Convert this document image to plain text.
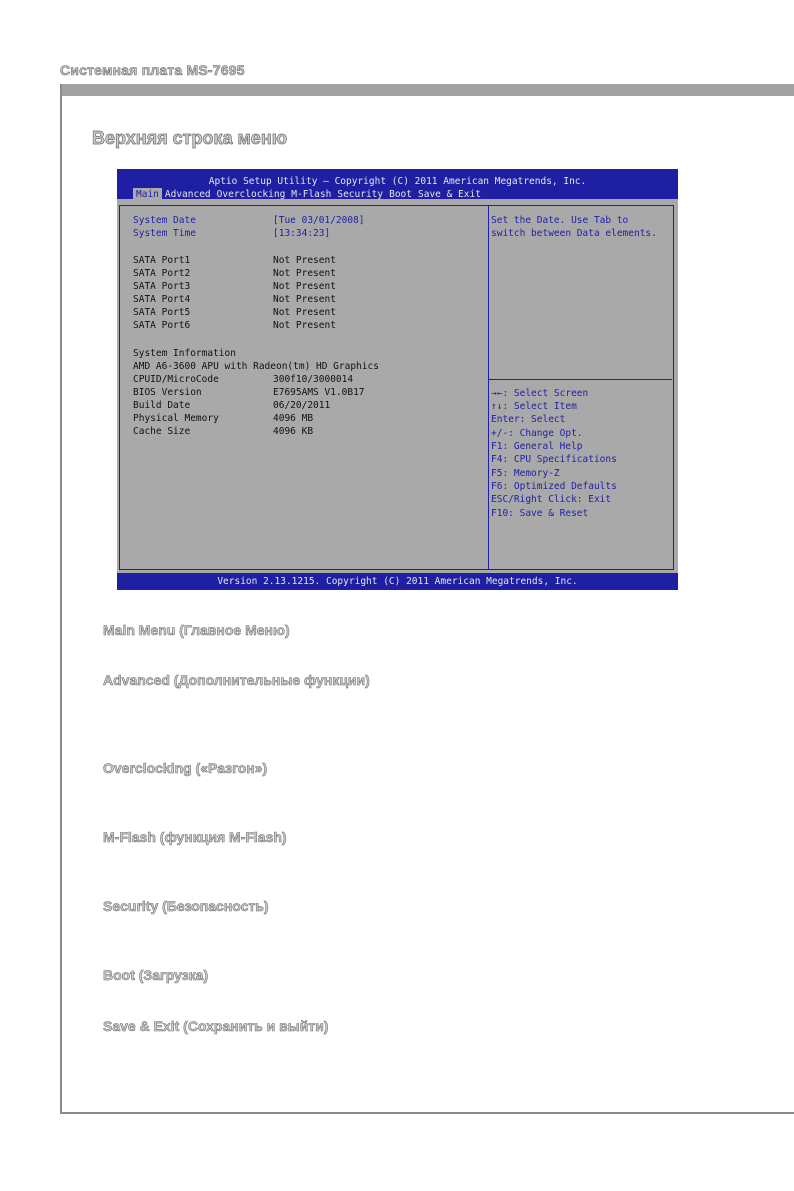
Системная плата MS-7695
Верхняя строка меню
Aptio Setup Utility – Copyright (C) 2011 American Megatrends, Inc.
Main Advanced Overclocking M-Flash Security Boot Save & Exit
System Date	[Tue 03/01/2008]
System Time	[13:34:23]
SATA Port1	Not Present
SATA Port2	Not Present
SATA Port3	Not Present
SATA Port4	Not Present
SATA Port5	Not Present
SATA Port6	Not Present
System Information
AMD A6-3600 APU with Radeon(tm) HD Graphics
CPUID/MicroCode	300f10/3000014
BIOS Version	E7695AMS V1.0B17
Build Date	06/20/2011
Physical Memory	4096 MB
Cache Size	4096 KB
Set the Date. Use Tab to
switch between Data elements.
→←: Select Screen
↑↓: Select Item
Enter: Select
+/-: Change Opt.
F1: General Help
F4: CPU Specifications
F5: Memory-Z
F6: Optimized Defaults
ESC/Right Click: Exit
F10: Save & Reset
Version 2.13.1215. Copyright (C) 2011 American Megatrends, Inc.
Main Menu (Главное Меню)
Advanced (Дополнительные функции)
Overclocking («Разгон»)
M-Flash (функция M-Flash)
Security (Безопасность)
Boot (Загрузка)
Save & Exit (Сохранить и выйти)
